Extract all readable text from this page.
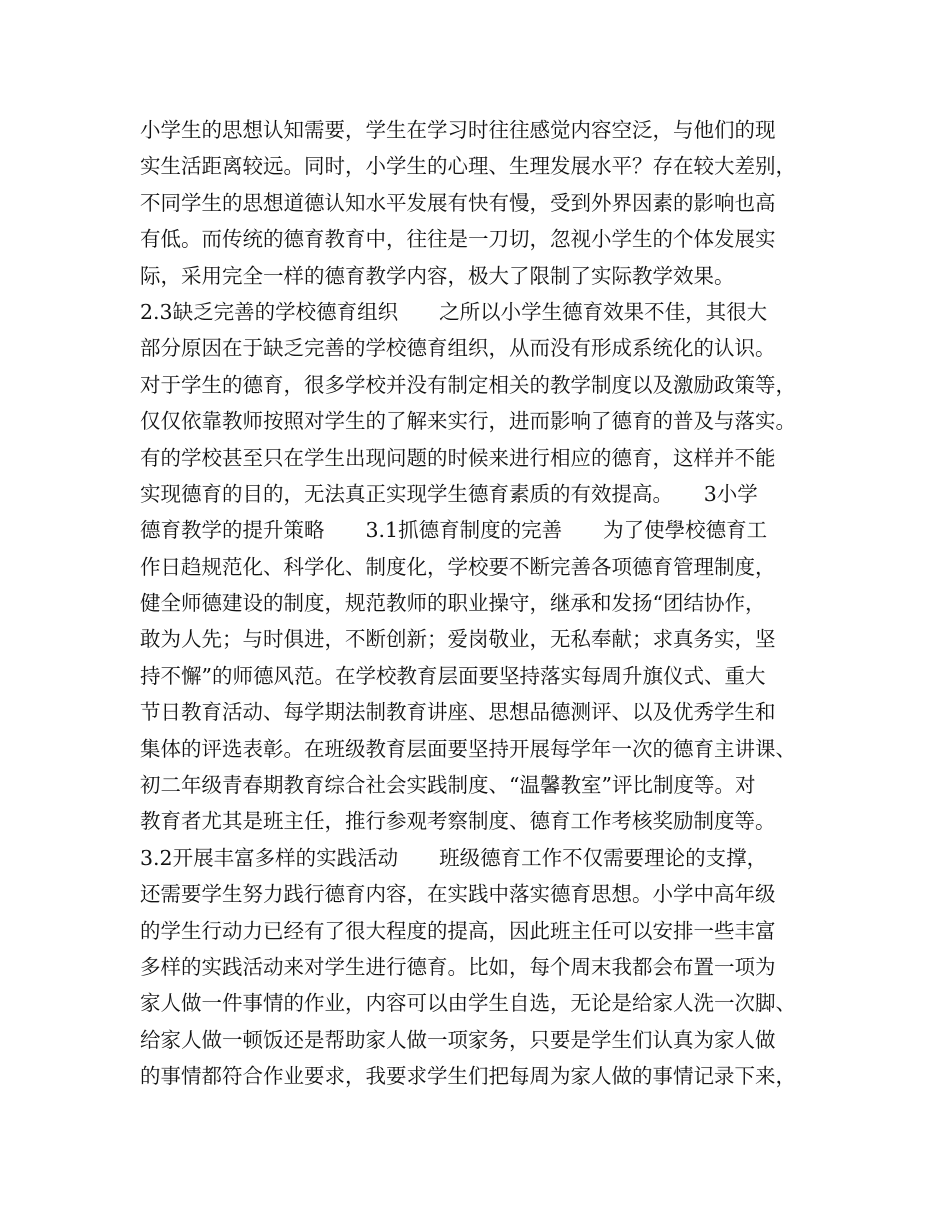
小学生的思想认知需要，学生在学习时往往感觉内容空泛，与他们的现
实生活距离较远。同时，小学生的心理、生理发展水平？存在较大差别，
不同学生的思想道德认知水平发展有快有慢，受到外界因素的影响也高
有低。而传统的德育教育中，往往是一刀切，忽视小学生的个体发展实
际，采用完全一样的德育教学内容，极大了限制了实际教学效果。
2.3缺乏完善的学校德育组织　　之所以小学生德育效果不佳，其很大
部分原因在于缺乏完善的学校德育组织，从而没有形成系统化的认识。
对于学生的德育，很多学校并没有制定相关的教学制度以及激励政策等，
仅仅依靠教师按照对学生的了解来实行，进而影响了德育的普及与落实。
有的学校甚至只在学生出现问题的时候来进行相应的德育，这样并不能
实现德育的目的，无法真正实现学生德育素质的有效提高。　　3小学
德育教学的提升策略　　3.1抓德育制度的完善　　为了使學校德育工
作日趋规范化、科学化、制度化，学校要不断完善各项德育管理制度，
健全师德建设的制度，规范教师的职业操守，继承和发扬“团结协作，
敢为人先；与时俱进，不断创新；爱岗敬业，无私奉献；求真务实，坚
持不懈”的师德风范。在学校教育层面要坚持落实每周升旗仪式、重大
节日教育活动、每学期法制教育讲座、思想品德测评、以及优秀学生和
集体的评选表彰。在班级教育层面要坚持开展每学年一次的德育主讲课、
初二年级青春期教育综合社会实践制度、“温馨教室”评比制度等。对
教育者尤其是班主任，推行参观考察制度、德育工作考核奖励制度等。
3.2开展丰富多样的实践活动　　班级德育工作不仅需要理论的支撑，
还需要学生努力践行德育内容，在实践中落实德育思想。小学中高年级
的学生行动力已经有了很大程度的提高，因此班主任可以安排一些丰富
多样的实践活动来对学生进行德育。比如，每个周末我都会布置一项为
家人做一件事情的作业，内容可以由学生自选，无论是给家人洗一次脚、
给家人做一顿饭还是帮助家人做一项家务，只要是学生们认真为家人做
的事情都符合作业要求，我要求学生们把每周为家人做的事情记录下来，
